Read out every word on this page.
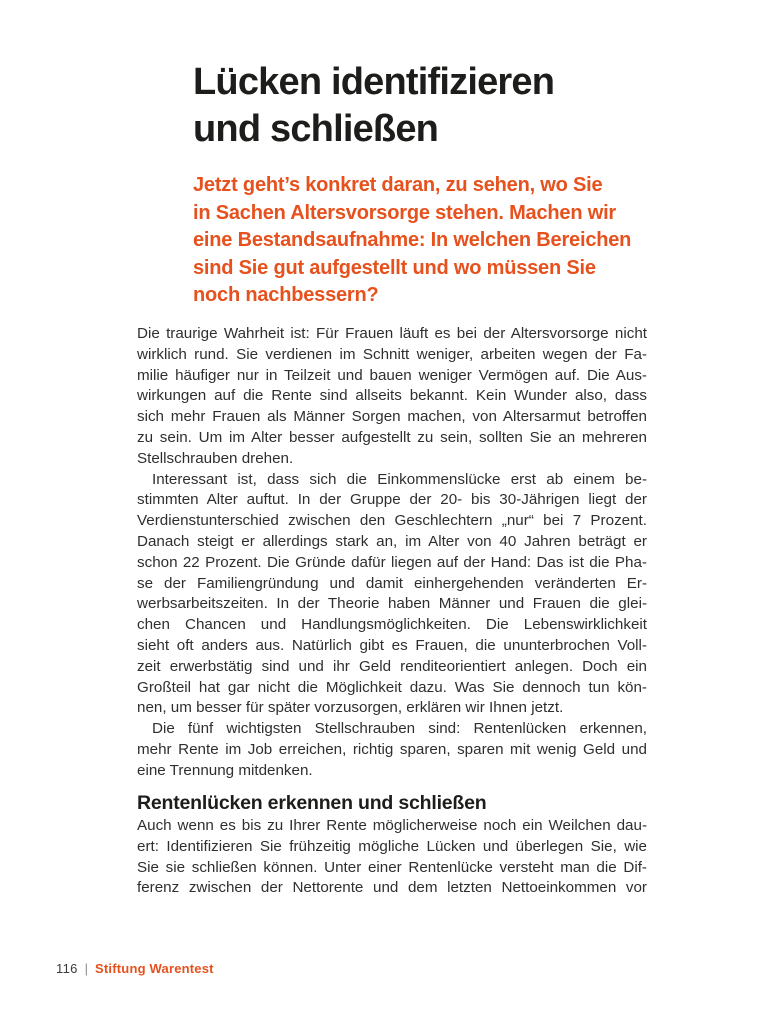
Lücken identifizieren
und schließen
Jetzt geht’s konkret daran, zu sehen, wo Sie
in Sachen Altersvorsorge stehen. Machen wir
eine Bestandsaufnahme: In welchen Bereichen
sind Sie gut aufgestellt und wo müssen Sie
noch nachbessern?
Die traurige Wahrheit ist: Für Frauen läuft es bei der Altersvorsorge nicht
wirklich rund. Sie verdienen im Schnitt weniger, arbeiten wegen der Fa-
milie häufiger nur in Teilzeit und bauen weniger Vermögen auf. Die Aus-
wirkungen auf die Rente sind allseits bekannt. Kein Wunder also, dass
sich mehr Frauen als Männer Sorgen machen, von Altersarmut betroffen
zu sein. Um im Alter besser aufgestellt zu sein, sollten Sie an mehreren
Stellschrauben drehen.
Interessant ist, dass sich die Einkommenslücke erst ab einem be-
stimmten Alter auftut. In der Gruppe der 20- bis 30-Jährigen liegt der
Verdienstunterschied zwischen den Geschlechtern „nur“ bei 7 Prozent.
Danach steigt er allerdings stark an, im Alter von 40 Jahren beträgt er
schon 22 Prozent. Die Gründe dafür liegen auf der Hand: Das ist die Pha-
se der Familiengründung und damit einhergehenden veränderten Er-
werbsarbeitszeiten. In der Theorie haben Männer und Frauen die glei-
chen Chancen und Handlungsmöglichkeiten. Die Lebenswirklichkeit
sieht oft anders aus. Natürlich gibt es Frauen, die ununterbrochen Voll-
zeit erwerbstätig sind und ihr Geld renditeorientiert anlegen. Doch ein
Großteil hat gar nicht die Möglichkeit dazu. Was Sie dennoch tun kön-
nen, um besser für später vorzusorgen, erklären wir Ihnen jetzt.
Die fünf wichtigsten Stellschrauben sind: Rentenlücken erkennen,
mehr Rente im Job erreichen, richtig sparen, sparen mit wenig Geld und
eine Trennung mitdenken.
Rentenlücken erkennen und schließen
Auch wenn es bis zu Ihrer Rente möglicherweise noch ein Weilchen dau-
ert: Identifizieren Sie frühzeitig mögliche Lücken und überlegen Sie, wie
Sie sie schließen können. Unter einer Rentenlücke versteht man die Dif-
ferenz zwischen der Nettorente und dem letzten Nettoeinkommen vor
116 | Stiftung Warentest
